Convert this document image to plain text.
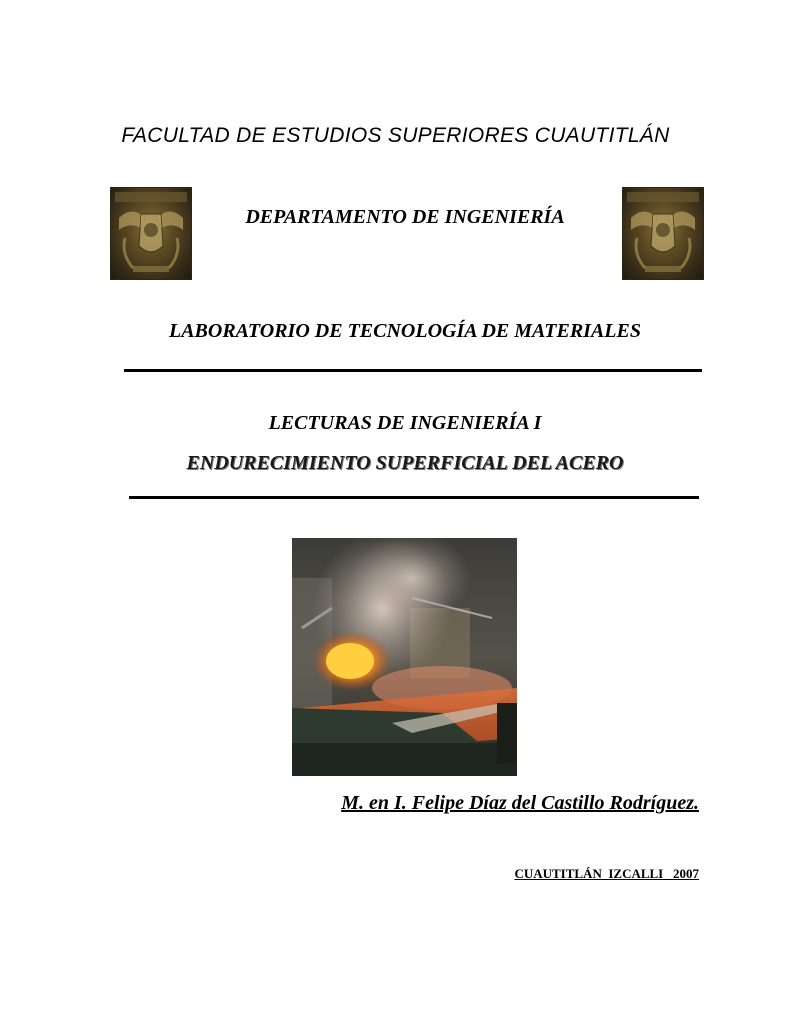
FACULTAD DE ESTUDIOS SUPERIORES CUAUTITLÁN
DEPARTAMENTO DE INGENIERÍA
LABORATORIO DE TECNOLOGÍA DE MATERIALES
LECTURAS DE INGENIERÍA I
ENDURECIMIENTO SUPERFICIAL DEL ACERO
M. en I. Felipe Díaz del Castillo Rodríguez.
CUAUTITLÁN  IZCALLI   2007
